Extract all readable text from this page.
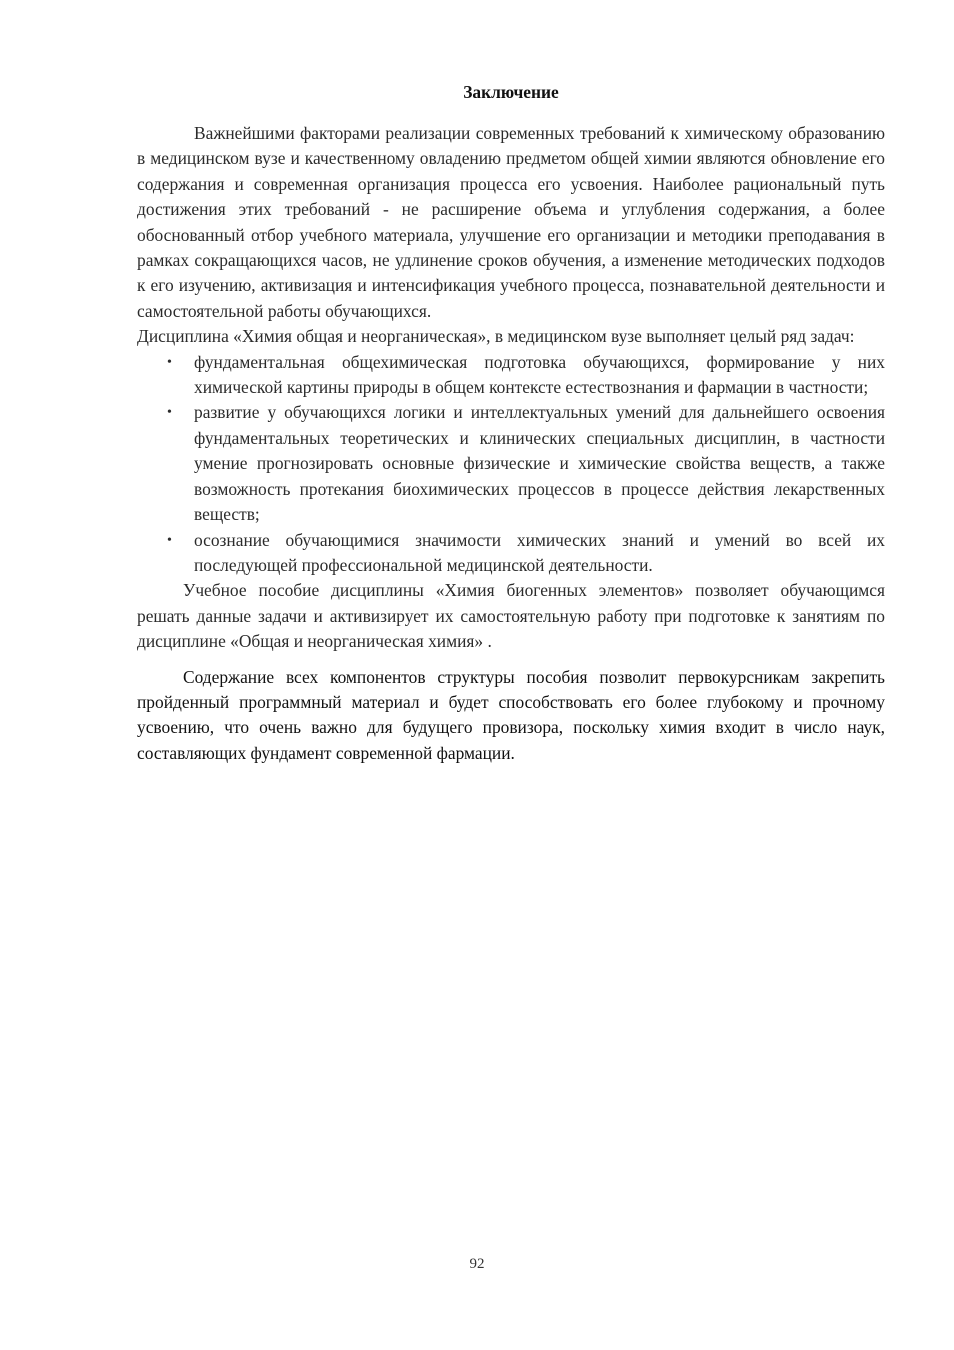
Заключение

Важнейшими факторами реализации современных требований к химическому образованию в медицинском вузе и качественному овладению предметом общей химии являются обновление его содержания и современная организация процесса его усвоения. Наиболее рациональный путь достижения этих требований - не расширение объема и углубления содержания, а более обоснованный отбор учебного материала, улучшение его организации и методики преподавания в рамках сокращающихся часов, не удлинение сроков обучения, а изменение методических подходов к его изучению, активизация и интенсификация учебного процесса, познавательной деятельности и самостоятельной работы обучающихся.

Дисциплина «Химия общая и неорганическая», в медицинском вузе выполняет целый ряд задач:

• фундаментальная общехимическая подготовка обучающихся, формирование у них химической картины природы в общем контексте естествознания и фармации в частности;
• развитие у обучающихся логики и интеллектуальных умений для дальнейшего освоения фундаментальных теоретических и клинических специальных дисциплин, в частности умение прогнозировать основные физические и химические свойства веществ, а также возможность протекания биохимических процессов в процессе действия лекарственных веществ;
• осознание обучающимися значимости химических знаний и умений во всей их последующей профессиональной медицинской деятельности.

Учебное пособие дисциплины «Химия биогенных элементов» позволяет обучающимся решать данные задачи и активизирует их самостоятельную работу при подготовке к занятиям по дисциплине «Общая и неорганическая химия» .

Содержание всех компонентов структуры пособия позволит первокурсникам закрепить пройденный программный материал и будет способствовать его более глубокому и прочному усвоению, что очень важно для будущего провизора, поскольку химия входит в число наук, составляющих фундамент современной фармации.

92
